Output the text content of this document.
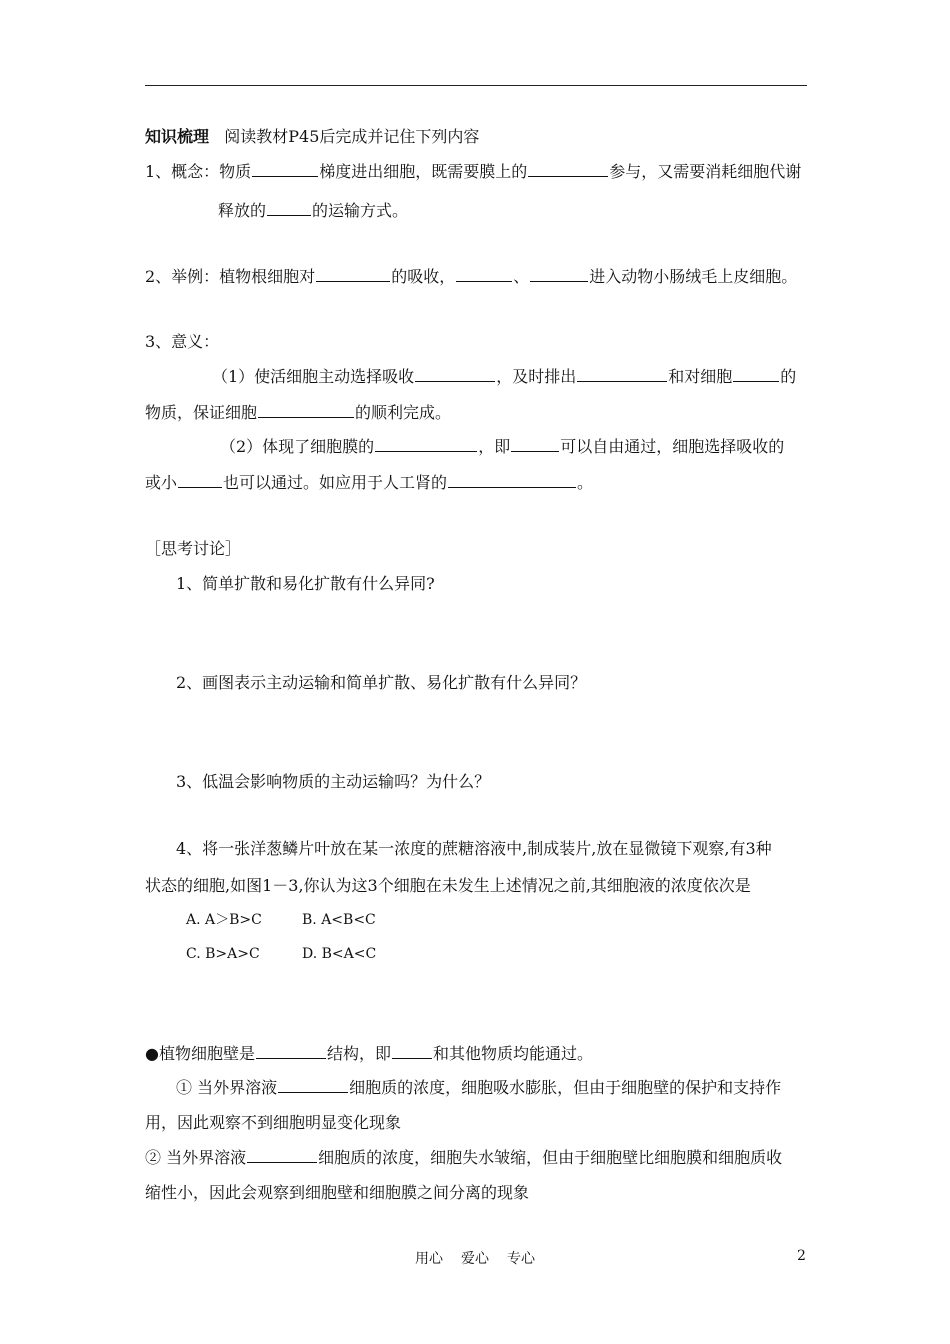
知识梳理 阅读教材P45后完成并记住下列内容
1、概念：物质	梯度进出细胞，既需要膜上的	参与，又需要消耗细胞代谢
释放的	的运输方式。
2、举例：植物根细胞对	的吸收，	、	进入动物小肠绒毛上皮细胞。
3、意义：
（1）使活细胞主动选择吸收	，及时排出	和对细胞	的
物质，保证细胞	的顺利完成。
（2）体现了细胞膜的	，即	可以自由通过，细胞选择吸收的
或小	也可以通过。如应用于人工肾的	。
［思考讨论］
1、简单扩散和易化扩散有什么异同?
2、画图表示主动运输和简单扩散、易化扩散有什么异同？
3、低温会影响物质的主动运输吗？为什么？
4、将一张洋葱鳞片叶放在某一浓度的蔗糖溶液中,制成装片,放在显微镜下观察,有3种
状态的细胞,如图1－3,你认为这3个细胞在未发生上述情况之前,其细胞液的浓度依次是
A. A＞B>C	B. A<B<C
C. B>A>C	D. B<A<C
●植物细胞壁是	结构，即	和其他物质均能通过。
① 当外界溶液	细胞质的浓度，细胞吸水膨胀，但由于细胞壁的保护和支持作
用，因此观察不到细胞明显变化现象
② 当外界溶液	细胞质的浓度，细胞失水皱缩，但由于细胞壁比细胞膜和细胞质收
缩性小，因此会观察到细胞壁和细胞膜之间分离的现象
用心 爱心 专心	2
